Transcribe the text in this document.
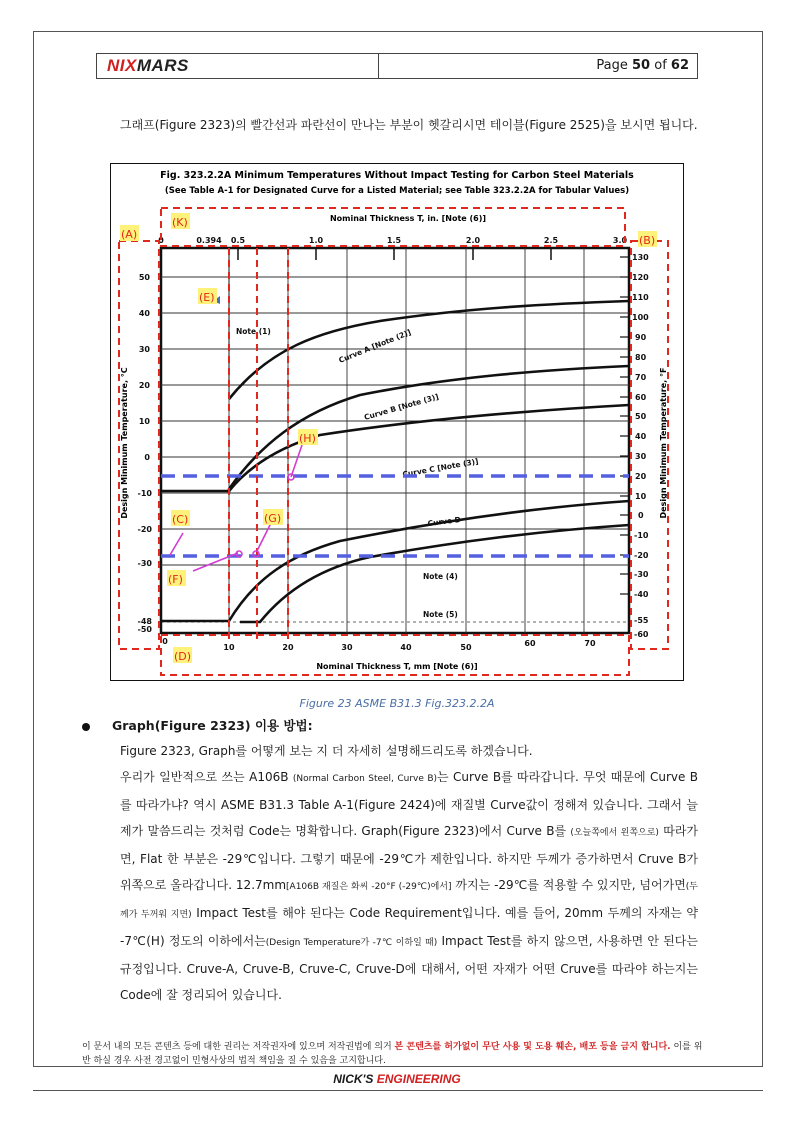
NI X MARS	Page 50 of 62
그래프(Figure 2323)의 빨간선과 파란선이 만나는 부분이 헷갈리시면 테이블(Figure 2525)을 보시면 됩니다.
Fig. 323.2.2A Minimum Temperatures Without Impact Testing for Carbon Steel Materials
(See Table A-1 for Designated Curve for a Listed Material; see Table 323.2.2A for Tabular Values)
Nominal Thickness T, in. [Note (6)]
0	0.394 0.5	1.0	1.5	2.0	2.5	3.0
0
10	20	30	40	50	60	70
Nominal Thickness T, mm [Note (6)]
50
40
30
20
10
0
-10
-20
-30
-48
-50
Design Minimum Temperature, °C
130
120
110
100
90
80
70
60
50
40
30
20
10
0
-10
-20
-30
-40
-55
-60
Design Minimum Temperature, °F
Curve A [Note (2)]
Curve B [Note (3)]
Curve C [Note (3)]
Curve D
Note (1)
Note (4)
Note (5)
(A)	(B)
(C)
(D)
(E)
(F)
(G)
(H)
(K)
Figure 23 ASME B31.3 Fig.323.2.2A
Graph(Figure 2323) 이용 방법:
Figure 2323, Graph를 어떻게 보는 지 더 자세히 설명해드리도록 하겠습니다.
우리가 일반적으로 쓰는 A106B (Normal Carbon Steel, Curve B)는 Curve B를 따라갑니다. 무엇 때문에 Curve B를 따라가냐? 역시 ASME B31.3 Table A-1(Figure 2424)에 재질별 Curve값이 정해져 있습니다. 그래서 늘 제가 말씀드리는 것처럼 Code는 명확합니다. Graph(Figure 2323)에서 Curve B를 (오늘쪽에서 왼쪽으로) 따라가면, Flat 한 부분은 -29℃입니다. 그렇기 때문에 -29℃가 제한입니다. 하지만 두께가 증가하면서 Cruve B가 위쪽으로 올라갑니다. 12.7mm[A106B 재질은 화씨 -20°F (-29℃)에서] 까지는 -29℃를 적용할 수 있지만, 넘어가면(두께가 두꺼워 지면) Impact Test를 해야 된다는 Code Requirement입니다. 예를 들어, 20mm 두께의 자재는 약 -7℃(H) 정도의 이하에서는(Design Temperature가 -7℃ 이하일 때) Impact Test를 하지 않으면, 사용하면 안 된다는 규정입니다. Cruve-A, Cruve-B, Cruve-C, Cruve-D에 대해서, 어떤 자재가 어떤 Cruve를 따라야 하는지는 Code에 잘 정리되어 있습니다.
이 문서 내의 모든 콘텐츠 등에 대한 권리는 저작권자에 있으며 저작권법에 의거 본 콘텐츠를 허가없이 무단 사용 및 도용 훼손, 배포 등을 금지 합니다. 이를 위반 하실 경우 사전 경고없이 민형사상의 법적 책임을 질 수 있음을 고지합니다.
NICK'S ENGINEERING
